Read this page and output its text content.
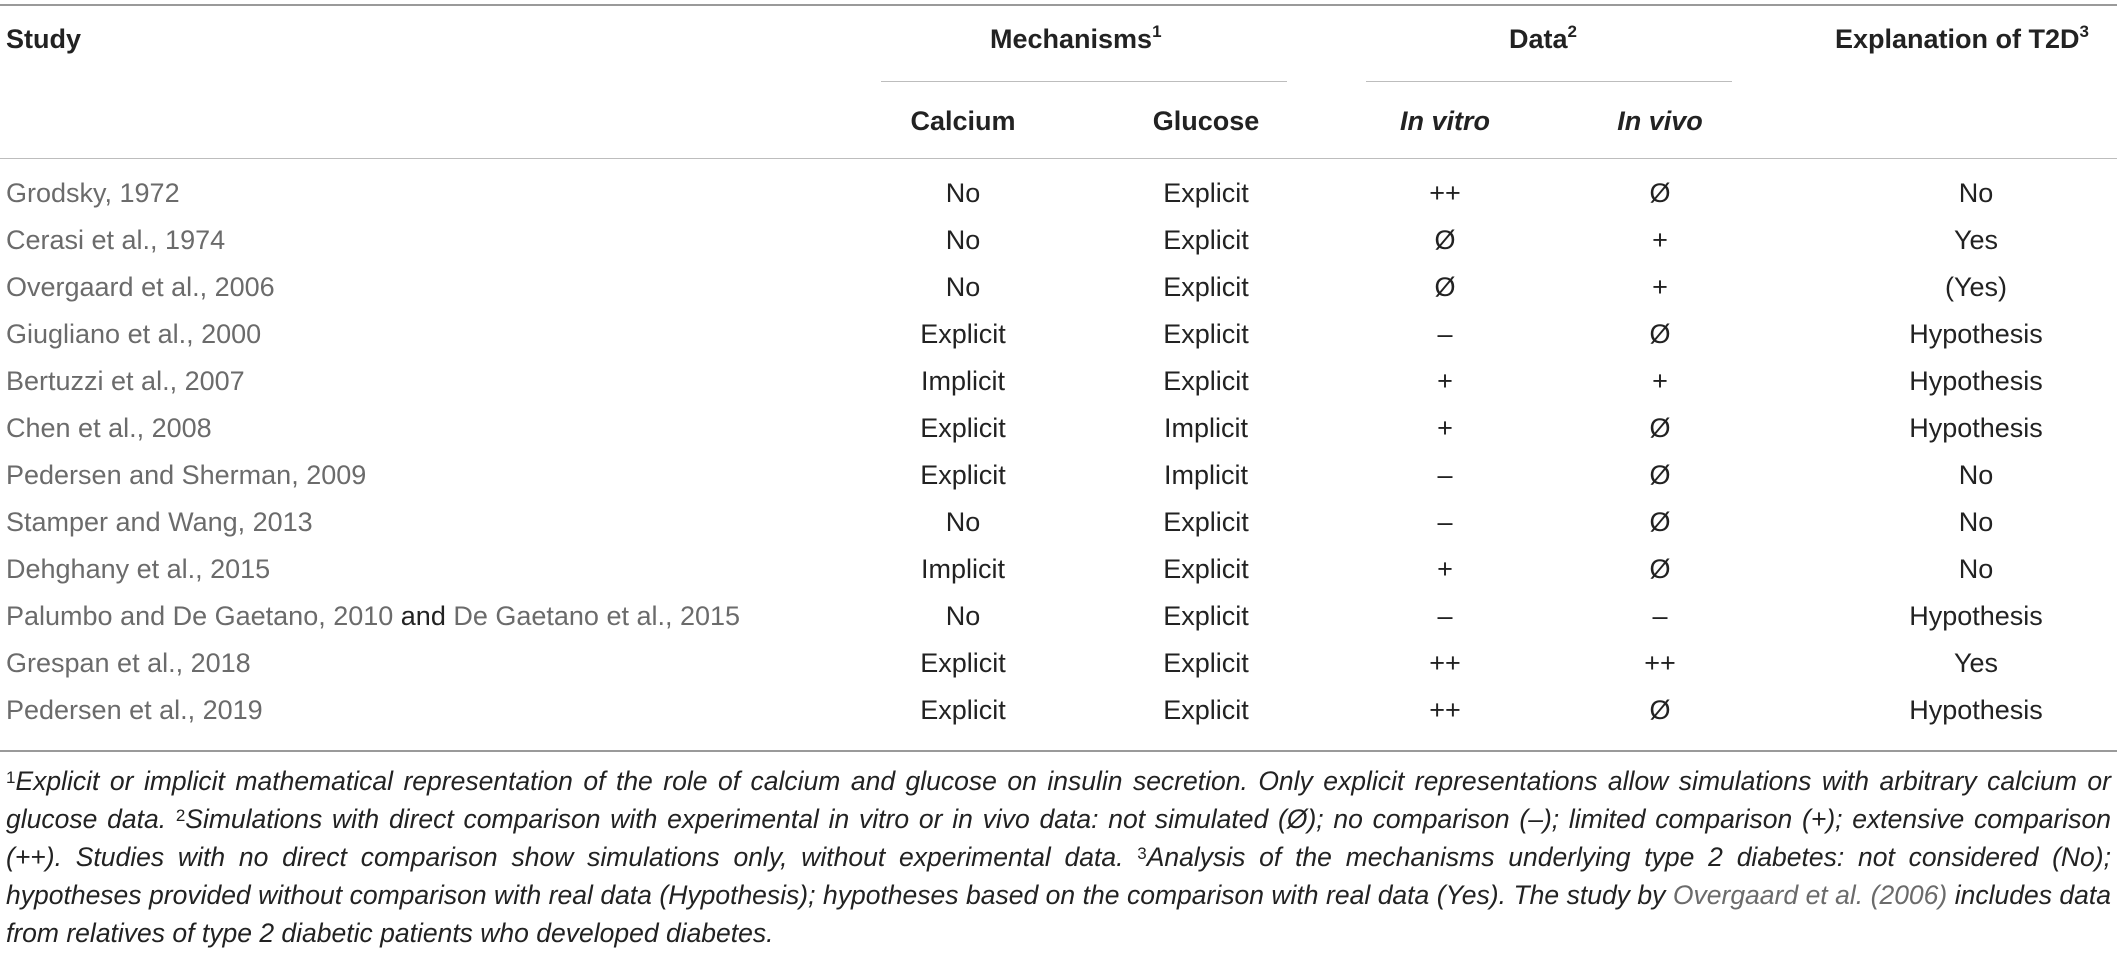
Study	Mechanisms$^1$	Data$^2$	Explanation of $T2D^3$
Calcium	Glucose	In vitro	In vivo
Grodsky, 1972	No	Explicit	++	Ø	No
Cerasi et al., 1974	No	Explicit	Ø	+	Yes
Overgaard et al., 2006	No	Explicit	Ø	+	(Yes)
Giugliano et al., 2000	Explicit	Explicit	–	Ø	Hypothesis
Bertuzzi et al., 2007	Implicit	Explicit	+	+	Hypothesis
Chen et al., 2008	Explicit	Implicit	+	Ø	Hypothesis
Pedersen and Sherman, 2009	Explicit	Implicit	–	Ø	No
Stamper and Wang, 2013	No	Explicit	–	Ø	No
Dehghany et al., 2015	Implicit	Explicit	+	Ø	No
Palumbo and De Gaetano, 2010 and De Gaetano et al., 2015	No	Explicit	–	–	Hypothesis
Grespan et al., 2018	Explicit	Explicit	++	++	Yes
Pedersen et al., 2019	Explicit	Explicit	++	Ø	Hypothesis
$^1$Explicit or implicit mathematical representation of the role of calcium and glucose on insulin secretion. Only explicit representations allow simulations with arbitrary calcium or glucose data. $^2$Simulations with direct comparison with experimental in vitro or in vivo data: not simulated (Ø); no comparison (–); limited comparison (+); extensive comparison (++). Studies with no direct comparison show simulations only, without experimental data. $^3$Analysis of the mechanisms underlying type 2 diabetes: not considered (No); hypotheses provided without comparison with real data (Hypothesis); hypotheses based on the comparison with real data (Yes). The study by Overgaard et al. (2006) includes data from relatives of type 2 diabetic patients who developed diabetes.
